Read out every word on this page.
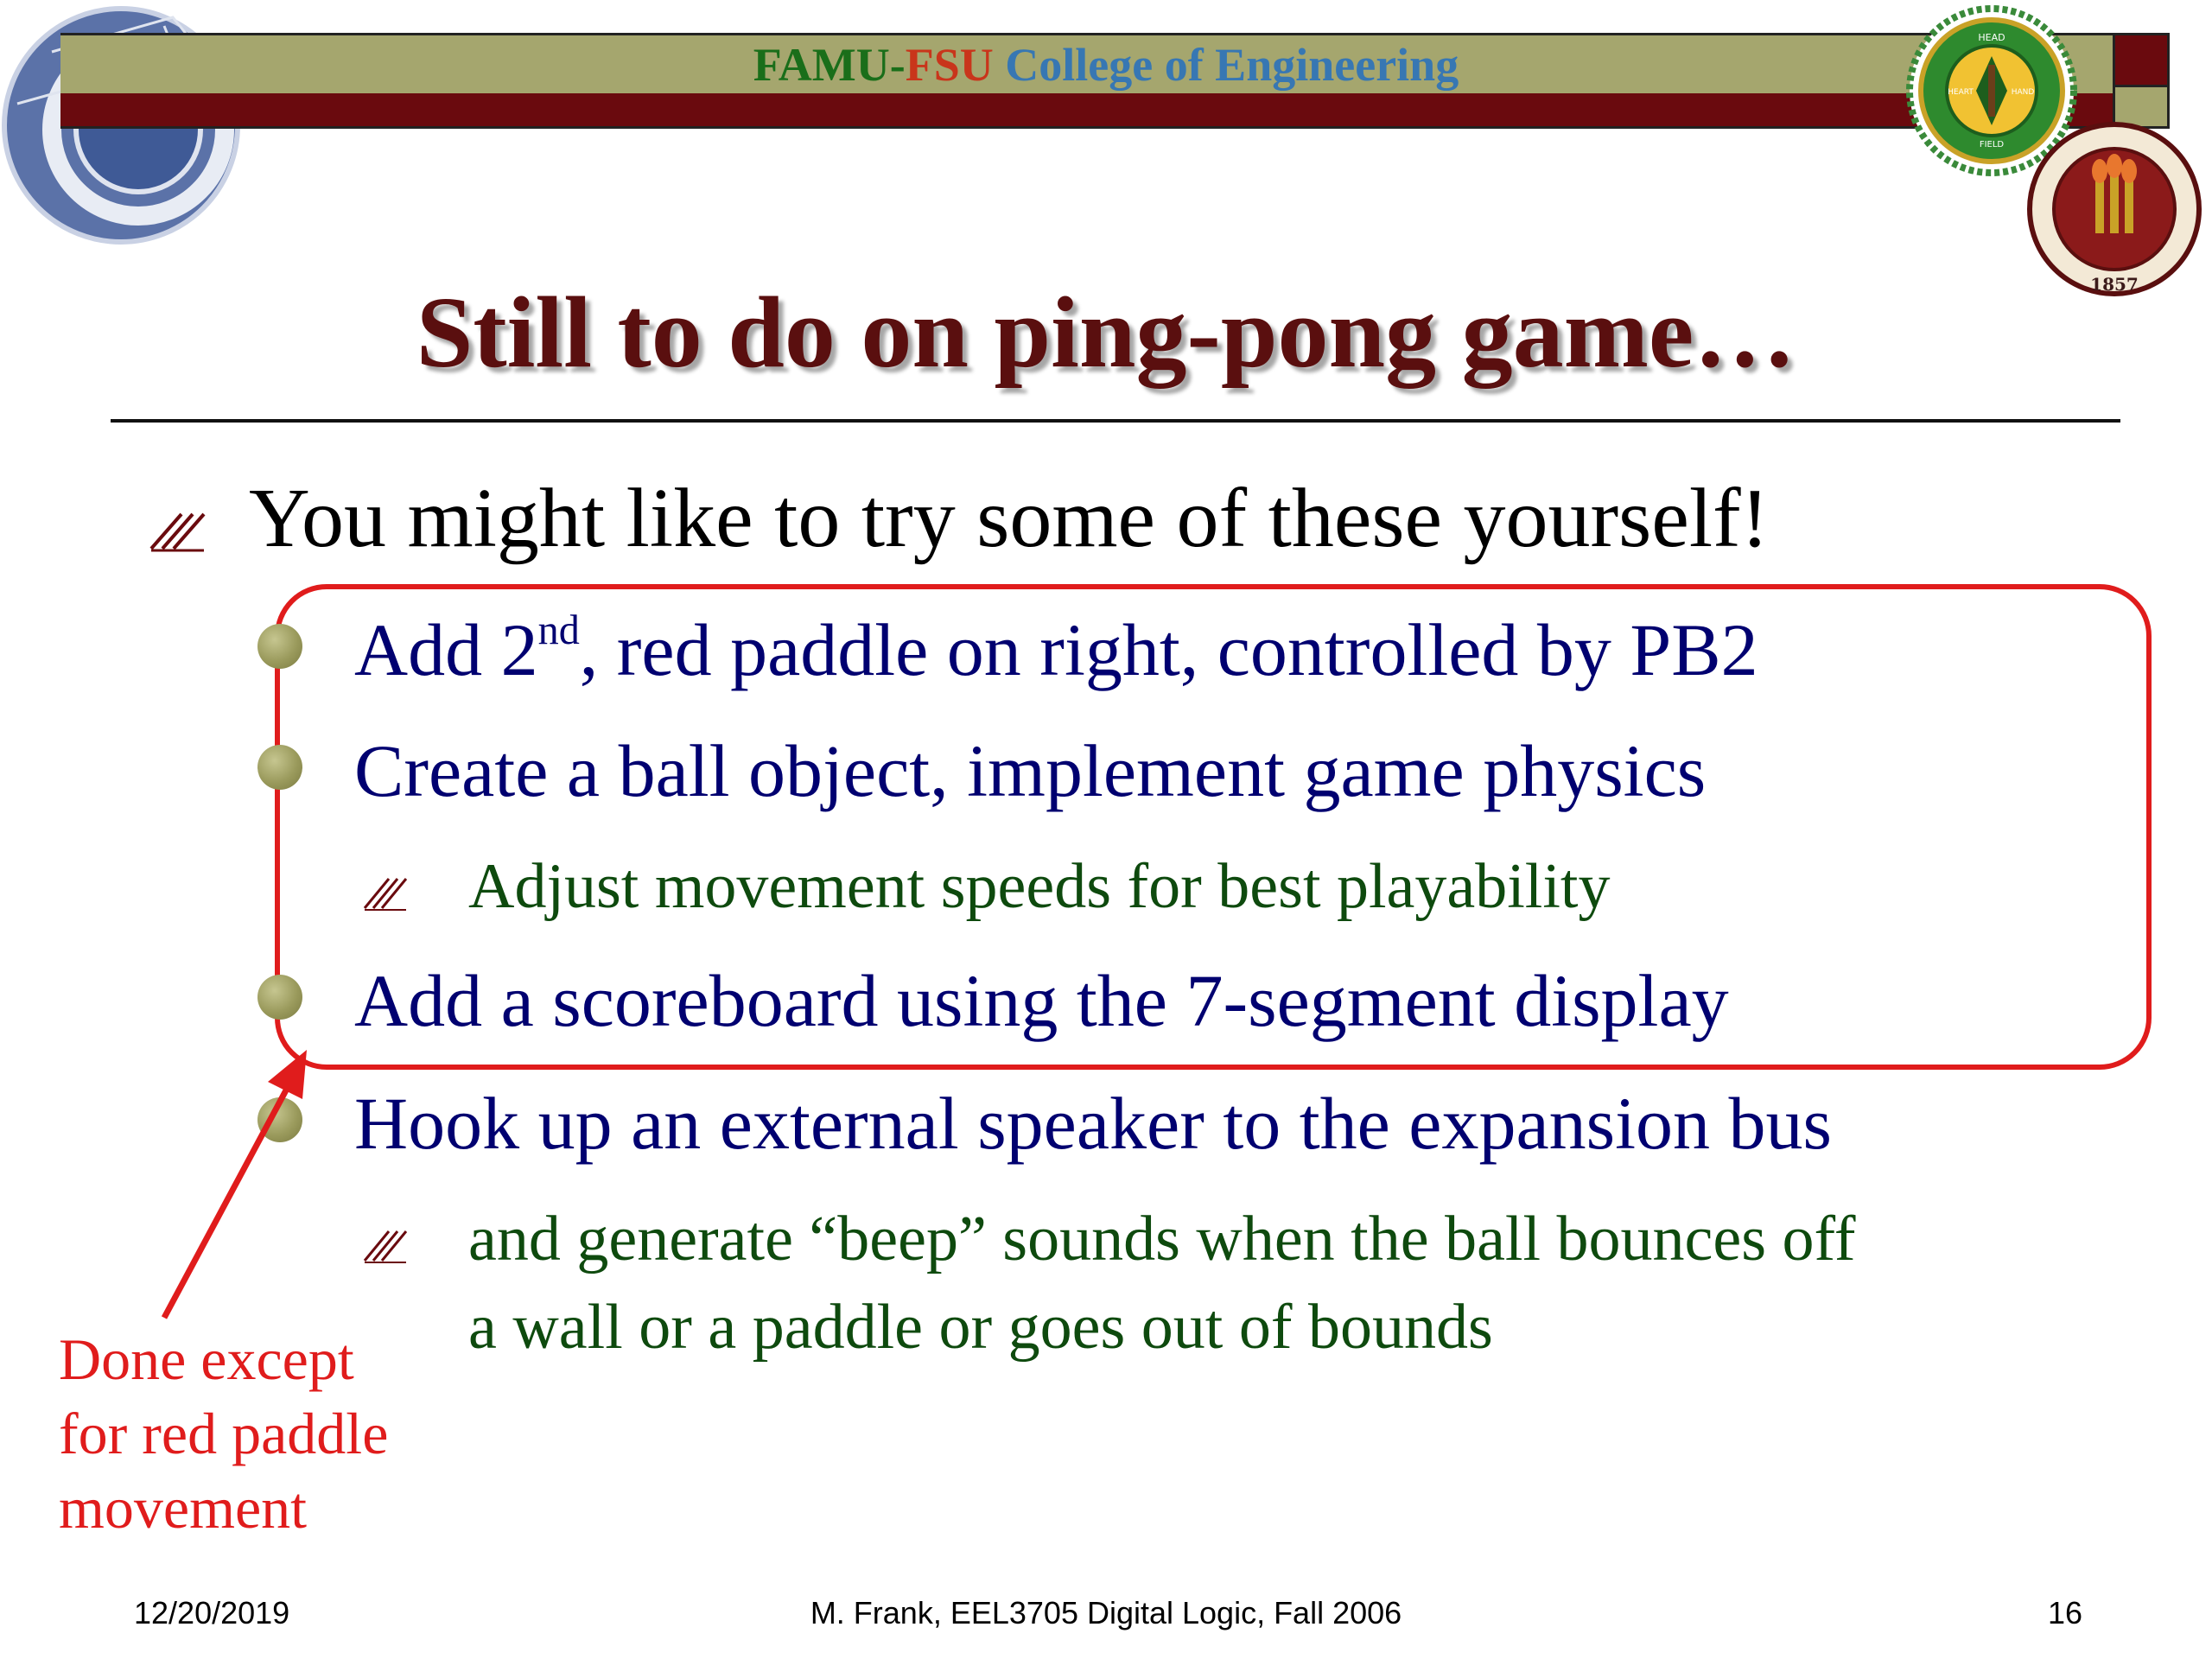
FAMU-FSU College of Engineering
HEAD
HEART	HAND
FIELD
1857
Still to do on ping-pong game…
You might like to try some of these yourself!
Add 2nd, red paddle on right, controlled by PB2
Create a ball object, implement game physics
Adjust movement speeds for best playability
Add a scoreboard using the 7-segment display
Hook up an external speaker to the expansion bus
and generate “beep” sounds when the ball bounces off
a wall or a paddle or goes out of bounds
Done except
for red paddle
movement
12/20/2019	M. Frank, EEL3705 Digital Logic, Fall 2006	16
